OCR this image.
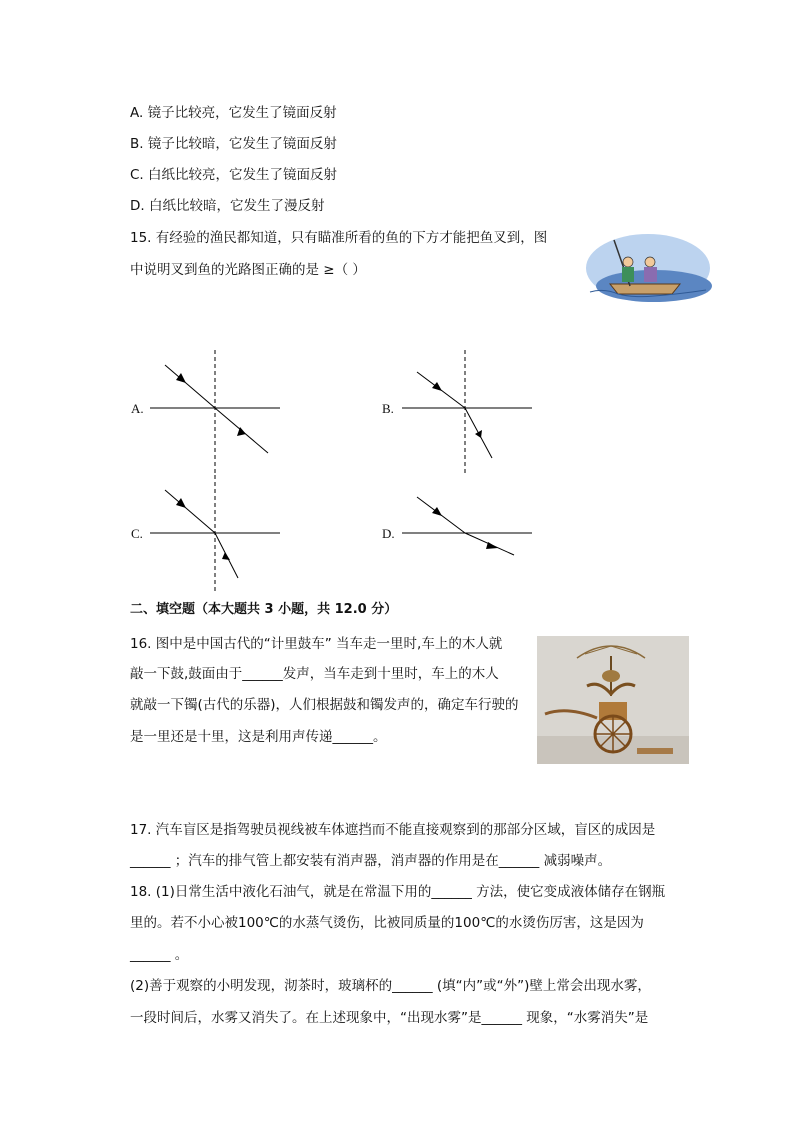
A. 镜子比较亮，它发生了镜面反射
B. 镜子比较暗，它发生了镜面反射
C. 白纸比较亮，它发生了镜面反射
D. 白纸比较暗，它发生了漫反射
15. 有经验的渔民都知道，只有瞄准所看的鱼的下方才能把鱼叉到，图
中说明叉到鱼的光路图正确的是 ≥（ ）
A.	B.
C.	D.
二、填空题（本大题共 3 小题，共 12.0 分）
16. 图中是中国古代的“计里鼓车” 当车走一里时,车上的木人就
敲一下鼓,鼓面由于______发声，当车走到十里时，车上的木人
就敲一下镯(古代的乐器)，人们根据鼓和镯发声的，确定车行驶的
是一里还是十里，这是利用声传递______。
17. 汽车盲区是指驾驶员视线被车体遮挡而不能直接观察到的那部分区域，盲区的成因是
______ ；汽车的排气管上都安装有消声器，消声器的作用是在______ 减弱噪声。
18. (1)日常生活中液化石油气，就是在常温下用的______ 方法，使它变成液体储存在钢瓶
里的。若不小心被100℃的水蒸气烫伤，比被同质量的100℃的水烫伤厉害，这是因为
______ 。
(2)善于观察的小明发现，沏茶时，玻璃杯的______ (填“内”或“外”)壁上常会出现水雾，
一段时间后，水雾又消失了。在上述现象中，“出现水雾”是______ 现象，“水雾消失”是
